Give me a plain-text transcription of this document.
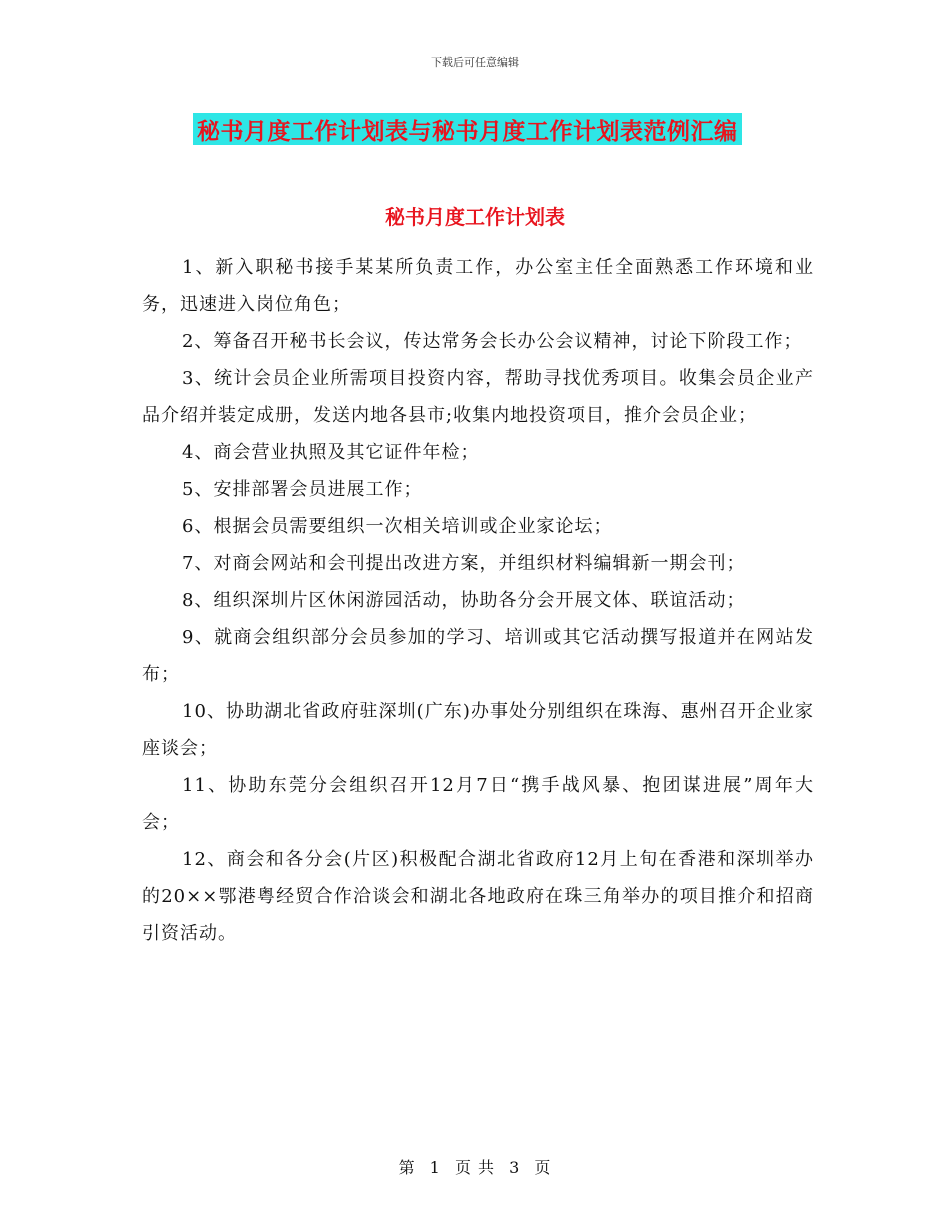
下载后可任意编辑
秘书月度工作计划表与秘书月度工作计划表范例汇编
秘书月度工作计划表

1、新入职秘书接手某某所负责工作，办公室主任全面熟悉工作环境和业务，迅速进入岗位角色；

2、筹备召开秘书长会议，传达常务会长办公会议精神，讨论下阶段工作；

3、统计会员企业所需项目投资内容，帮助寻找优秀项目。收集会员企业产品介绍并装定成册，发送内地各县市;收集内地投资项目，推介会员企业；

4、商会营业执照及其它证件年检；

5、安排部署会员进展工作；

6、根据会员需要组织一次相关培训或企业家论坛；

7、对商会网站和会刊提出改进方案，并组织材料编辑新一期会刊；

8、组织深圳片区休闲游园活动，协助各分会开展文体、联谊活动；

9、就商会组织部分会员参加的学习、培训或其它活动撰写报道并在网站发布；

10、协助湖北省政府驻深圳(广东)办事处分别组织在珠海、惠州召开企业家座谈会；

11、协助东莞分会组织召开12月7日“携手战风暴、抱团谋进展”周年大会；

12、商会和各分会(片区)积极配合湖北省政府12月上旬在香港和深圳举办的20××鄂港粤经贸合作洽谈会和湖北各地政府在珠三角举办的项目推介和招商引资活动。

第 1 页 共 3 页
